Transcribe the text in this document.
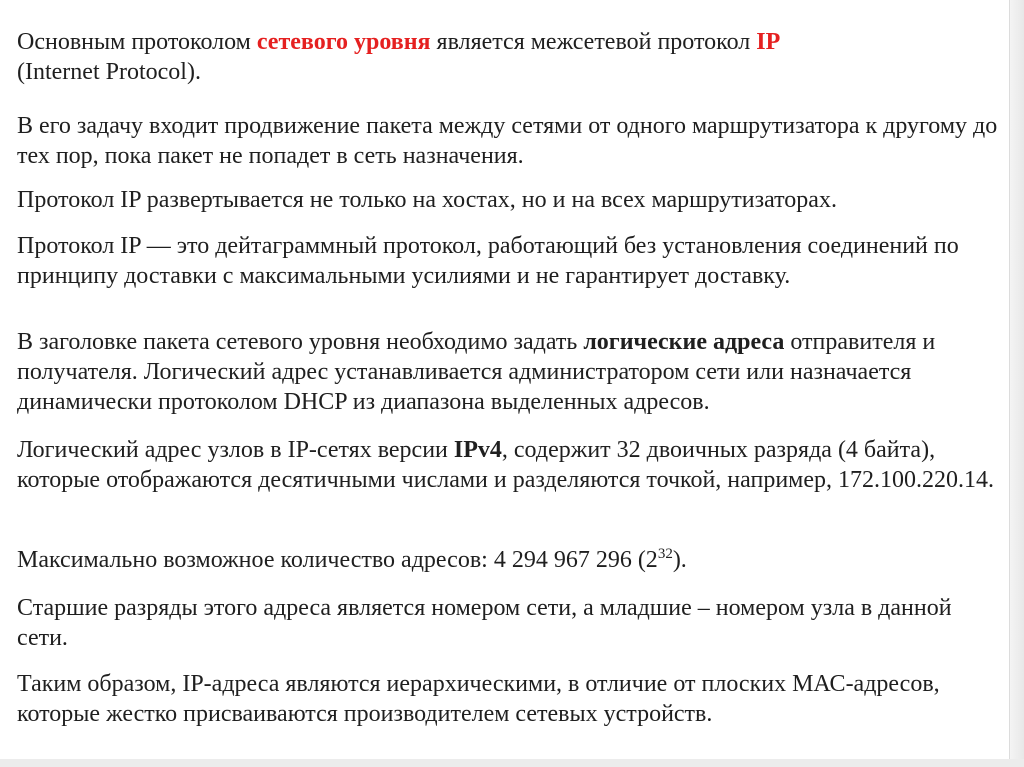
Основным протоколом сетевого уровня является межсетевой протокол IP
(Internet Protocol).

В его задачу входит продвижение пакета между сетями от одного маршрутизатора к другому до тех пор, пока пакет не попадет в сеть назначения.

Протокол IP развертывается не только на хостах, но и на всех маршрутизаторах.

Протокол IP — это дейтаграммный протокол, работающий без установления соединений по принципу доставки с максимальными усилиями и не гарантирует доставку.

В заголовке пакета сетевого уровня необходимо задать логические адреса отправителя и получателя. Логический адрес устанавливается администратором сети или назначается динамически протоколом DHCP из диапазона выделенных адресов.

Логический адрес узлов в IP-сетях версии IPv4, содержит 32 двоичных разряда (4 байта), которые отображаются десятичными числами и разделяются точкой, например, 172.100.220.14.

Максимально возможное количество адресов: 4 294 967 296 $(2^{32})$.

Старшие разряды этого адреса является номером сети, а младшие – номером узла в данной сети.

Таким образом, IP-адреса являются иерархическими, в отличие от плоских МАС-адресов, которые жестко присваиваются производителем сетевых устройств.
